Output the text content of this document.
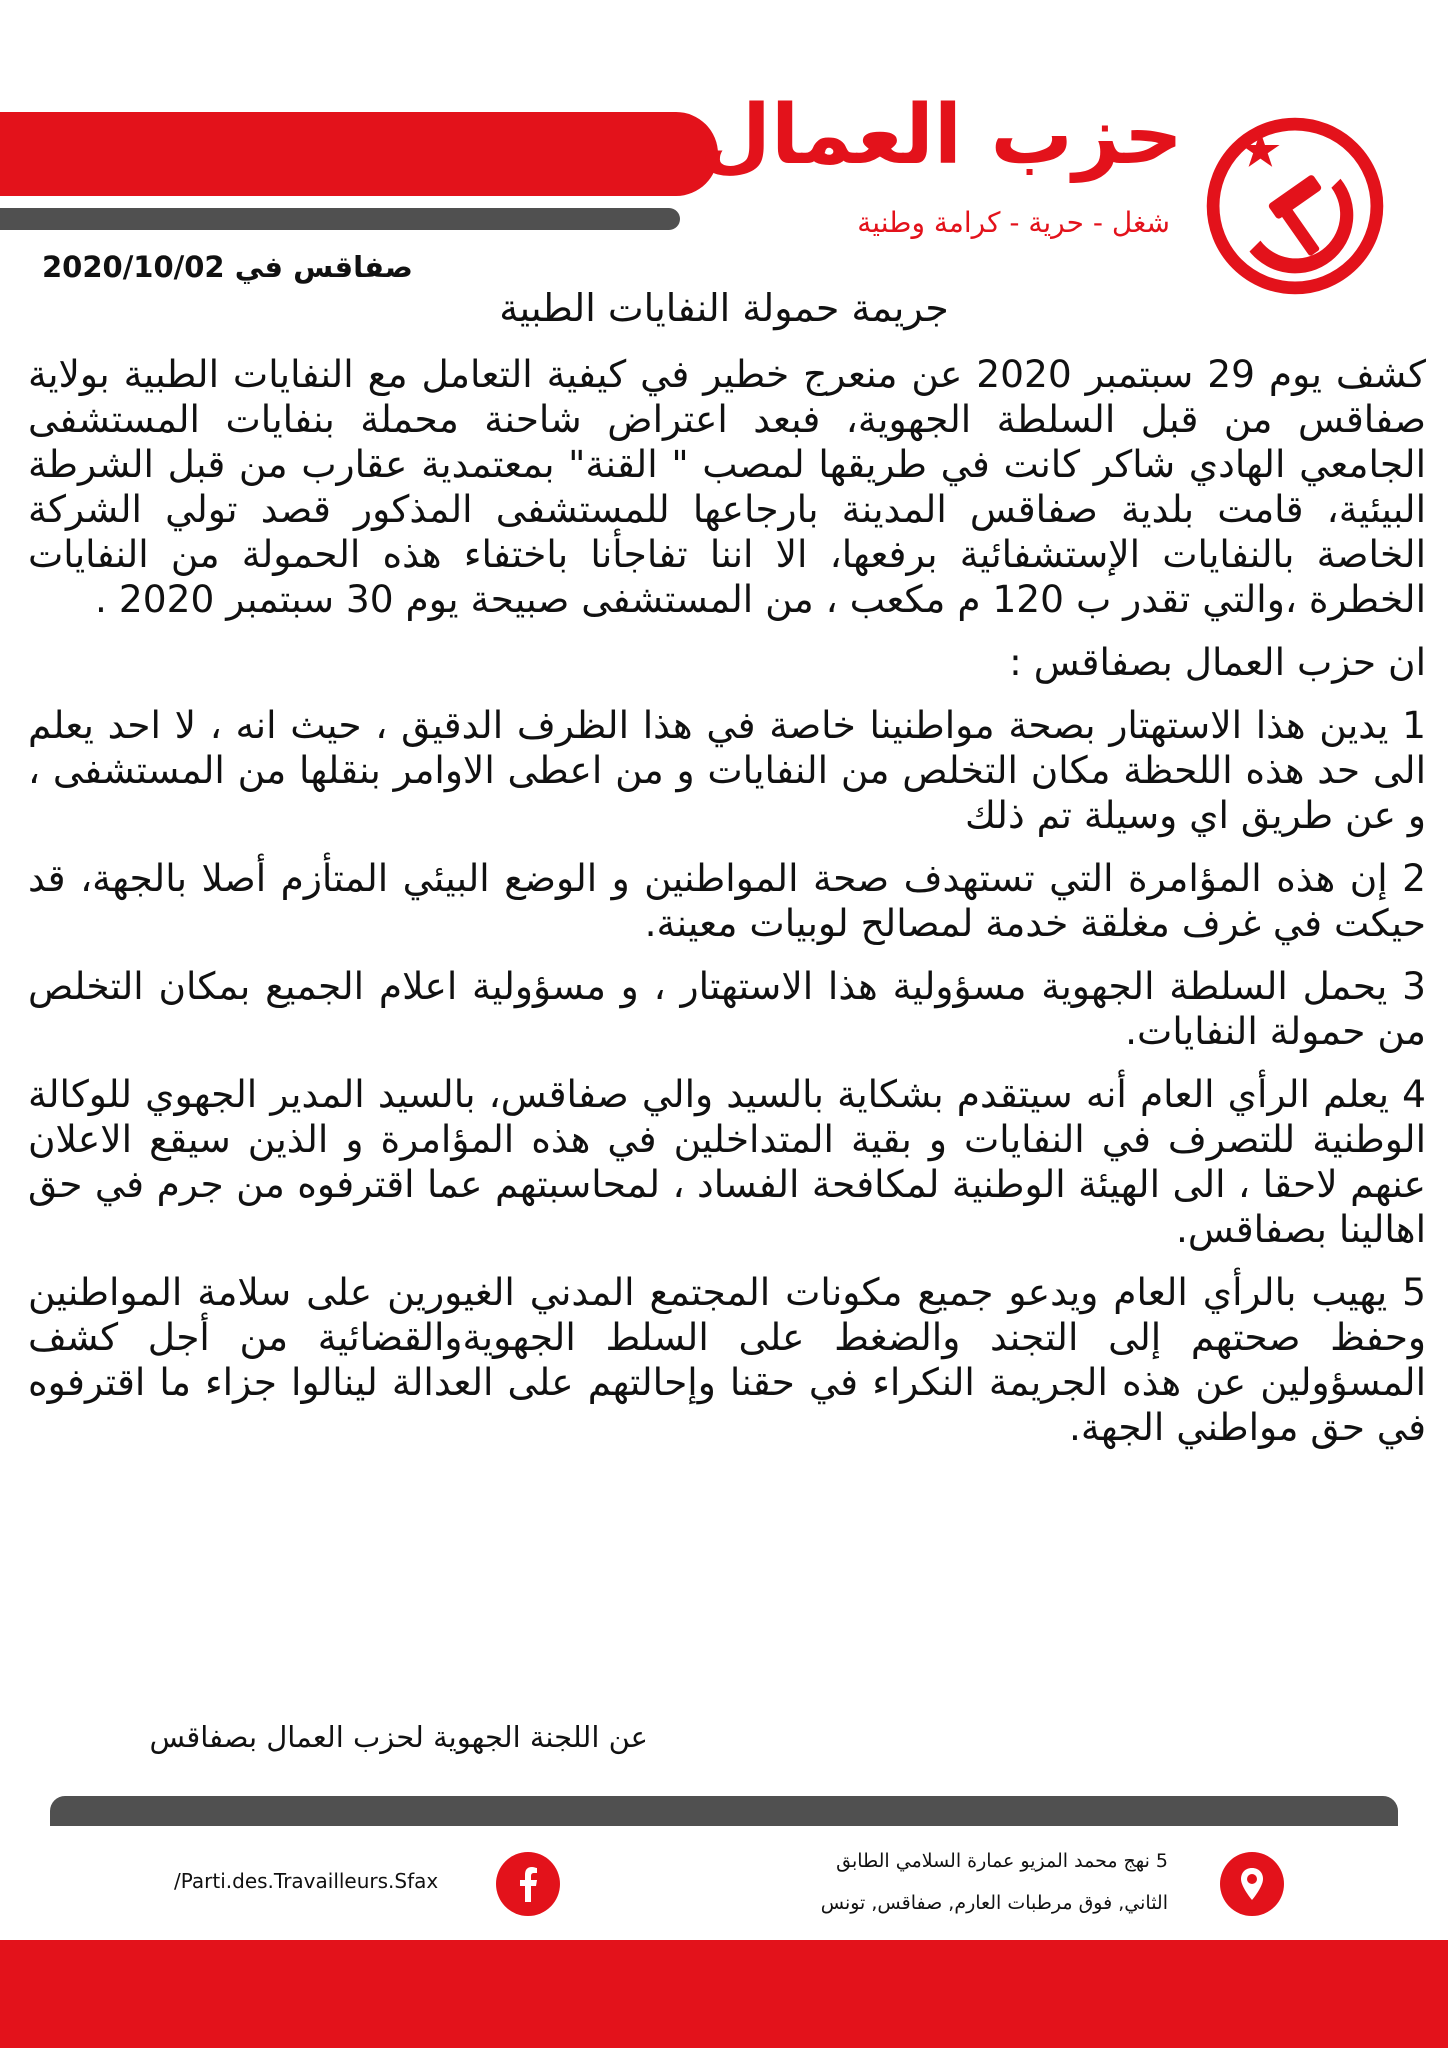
حزب العمال
شغل - حرية - كرامة وطنية
صفاقس في 2020/10/02
جريمة حمولة النفايات الطبية

كشف يوم 29 سبتمبر 2020 عن منعرج خطير في كيفية التعامل مع النفايات الطبية بولاية صفاقس من قبل السلطة الجهوية، فبعد اعتراض شاحنة محملة بنفايات المستشفى الجامعي الهادي شاكر كانت في طريقها لمصب " القنة" بمعتمدية عقارب من قبل الشرطة البيئية، قامت بلدية صفاقس المدينة بارجاعها للمستشفى المذكور قصد تولي الشركة الخاصة بالنفايات الإستشفائية برفعها، الا اننا تفاجأنا باختفاء هذه الحمولة من النفايات الخطرة ،والتي تقدر ب 120 م مكعب ، من المستشفى صبيحة يوم 30 سبتمبر 2020 .

ان حزب العمال بصفاقس :

1 يدين هذا الاستهتار بصحة مواطنينا خاصة في هذا الظرف الدقيق ، حيث انه ، لا احد يعلم الى حد هذه اللحظة مكان التخلص من النفايات و من اعطى الاوامر بنقلها من المستشفى ، و عن طريق اي وسيلة تم ذلك

2 إن هذه المؤامرة التي تستهدف صحة المواطنين و الوضع البيئي المتأزم أصلا بالجهة، قد حيكت في غرف مغلقة خدمة لمصالح لوبيات معينة.

3 يحمل السلطة الجهوية مسؤولية هذا الاستهتار ، و مسؤولية اعلام الجميع بمكان التخلص من حمولة النفايات.

4 يعلم الرأي العام أنه سيتقدم بشكاية بالسيد والي صفاقس، بالسيد المدير الجهوي للوكالة الوطنية للتصرف في النفايات و بقية المتداخلين في هذه المؤامرة و الذين سيقع الاعلان عنهم لاحقا ، الى الهيئة الوطنية لمكافحة الفساد ، لمحاسبتهم عما اقترفوه من جرم في حق اهالينا بصفاقس.

5 يهيب بالرأي العام ويدعو جميع مكونات المجتمع المدني الغيورين على سلامة المواطنين وحفظ صحتهم إلى التجند والضغط على السلط الجهويةوالقضائية من أجل كشف المسؤولين عن هذه الجريمة النكراء في حقنا وإحالتهم على العدالة لينالوا جزاء ما اقترفوه في حق مواطني الجهة.

عن اللجنة الجهوية لحزب العمال بصفاقس
/Parti.des.Travailleurs.Sfax
5 نهج محمد المزيو عمارة السلامي الطابق
الثاني, فوق مرطبات العارم, صفاقس, تونس
